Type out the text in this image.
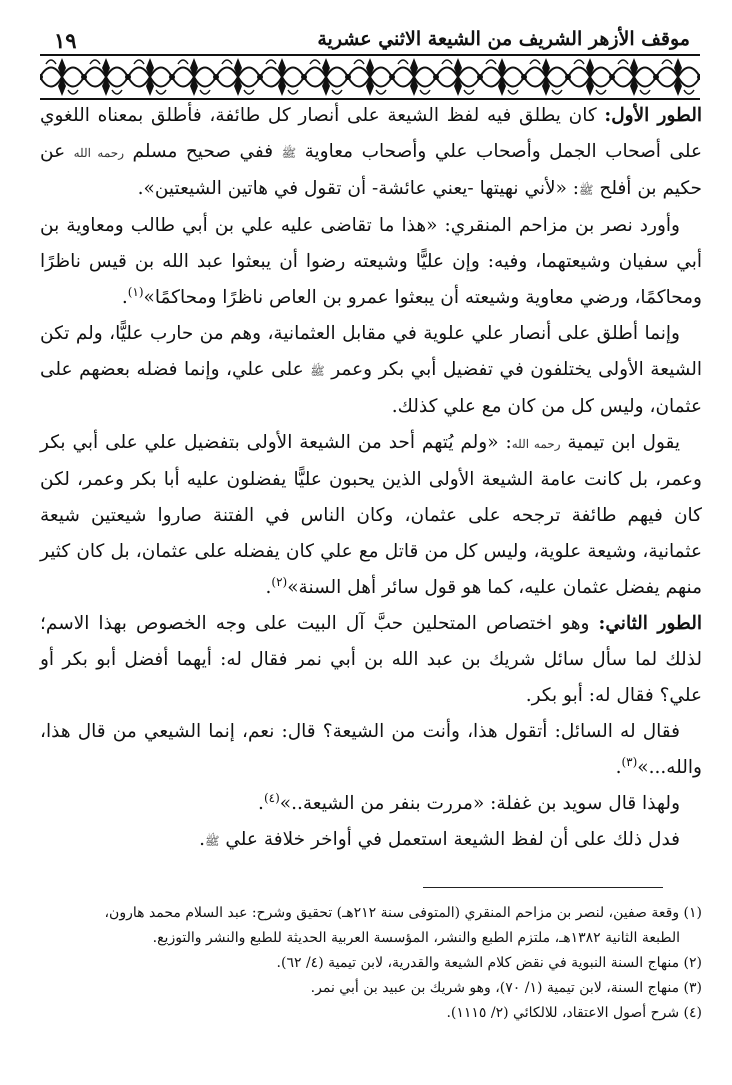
١٩	موقف الأزهر الشريف من الشيعة الاثني عشرية

الطور الأول: كان يطلق فيه لفظ الشيعة على أنصار كل طائفة، فأطلق بمعناه اللغوي على أصحاب الجمل وأصحاب علي وأصحاب معاوية ﷺ ففي صحيح مسلم رحمه الله عن حكيم بن أفلح ﷺ: «لأني نهيتها -يعني عائشة- أن تقول في هاتين الشيعتين».

وأورد نصر بن مزاحم المنقري: «هذا ما تقاضى عليه علي بن أبي طالب ومعاوية بن أبي سفيان وشيعتهما، وفيه: وإن عليًّا وشيعته رضوا أن يبعثوا عبد الله بن قيس ناظرًا ومحاكمًا، ورضي معاوية وشيعته أن يبعثوا عمرو بن العاص ناظرًا ومحاكمًا»$^{(١)}$.

وإنما أطلق على أنصار علي علوية في مقابل العثمانية، وهم من حارب عليًّا، ولم تكن الشيعة الأولى يختلفون في تفضيل أبي بكر وعمر ﷺ على علي، وإنما فضله بعضهم على عثمان، وليس كل من كان مع علي كذلك.

يقول ابن تيمية رحمه الله: «ولم يُتهم أحد من الشيعة الأولى بتفضيل علي على أبي بكر وعمر، بل كانت عامة الشيعة الأولى الذين يحبون عليًّا يفضلون عليه أبا بكر وعمر، لكن كان فيهم طائفة ترجحه على عثمان، وكان الناس في الفتنة صاروا شيعتين شيعة عثمانية، وشيعة علوية، وليس كل من قاتل مع علي كان يفضله على عثمان، بل كان كثير منهم يفضل عثمان عليه، كما هو قول سائر أهل السنة»$^{(٢)}$.

الطور الثاني: وهو اختصاص المتحلين حبَّ آل البيت على وجه الخصوص بهذا الاسم؛ لذلك لما سأل سائل شريك بن عبد الله بن أبي نمر فقال له: أيهما أفضل أبو بكر أو علي؟ فقال له: أبو بكر.

فقال له السائل: أتقول هذا، وأنت من الشيعة؟ قال: نعم، إنما الشيعي من قال هذا، والله...»$^{(٣)}$.

ولهذا قال سويد بن غفلة: «مررت بنفر من الشيعة..»$^{(٤)}$.

فدل ذلك على أن لفظ الشيعة استعمل في أواخر خلافة علي ﷺ.

(١) وقعة صفين، لنصر بن مزاحم المنقري (المتوفى سنة ٢١٢هـ) تحقيق وشرح: عبد السلام محمد هارون،
الطبعة الثانية ١٣٨٢هـ، ملتزم الطبع والنشر، المؤسسة العربية الحديثة للطبع والنشر والتوزيع.
(٢) منهاج السنة النبوية في نقض كلام الشيعة والقدرية، لابن تيمية (٤/ ٦٢).
(٣) منهاج السنة، لابن تيمية (١/ ٧٠)، وهو شريك بن عبيد بن أبي نمر.
(٤) شرح أصول الاعتقاد، للالكائي (٢/ ١١١٥).
